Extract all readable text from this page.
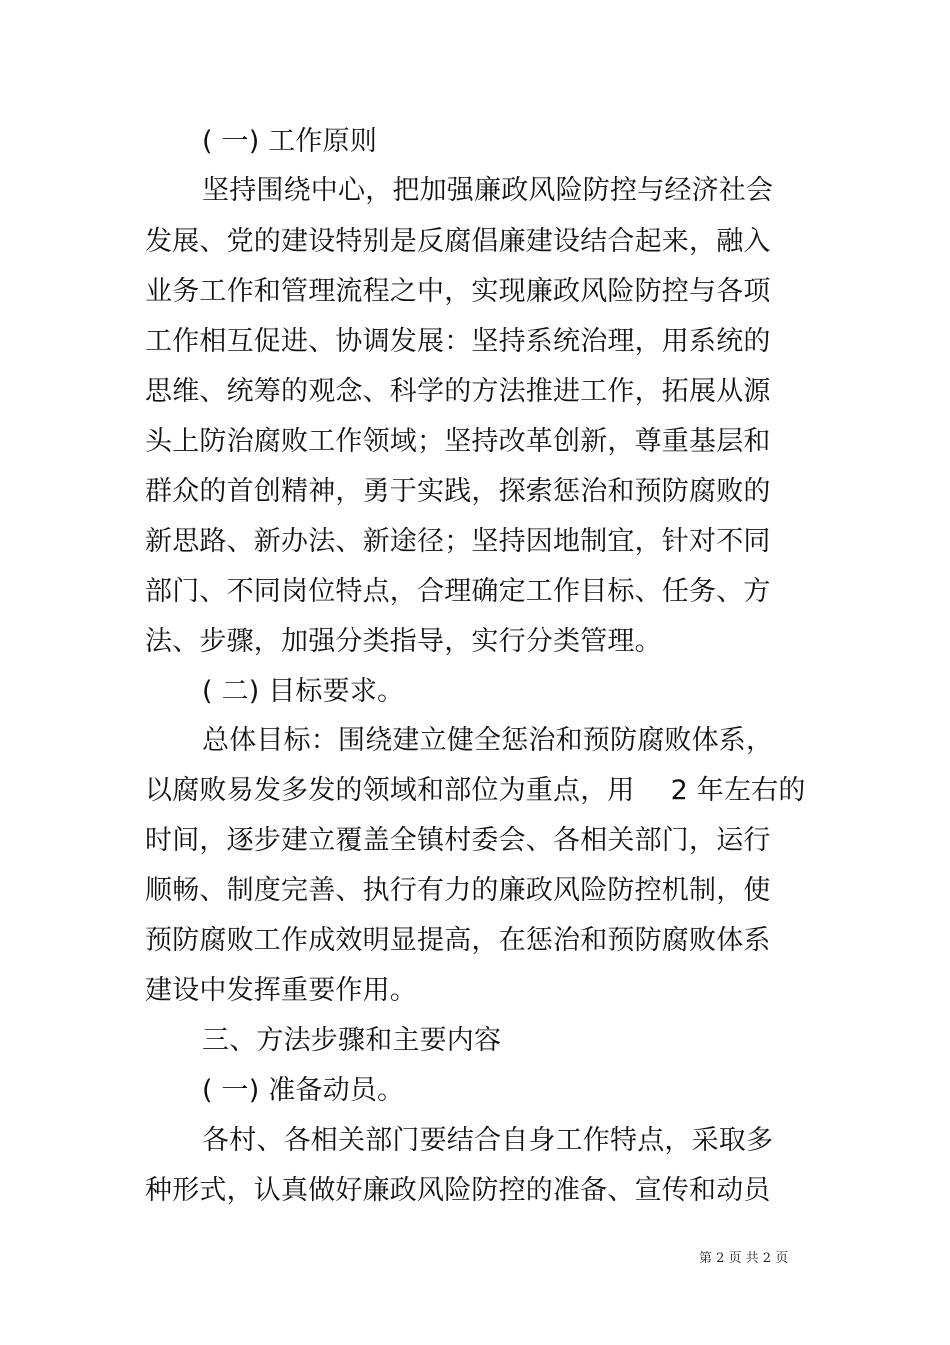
( 一) 工作原则
坚持围绕中心，把加强廉政风险防控与经济社会
发展、党的建设特别是反腐倡廉建设结合起来，融入
业务工作和管理流程之中，实现廉政风险防控与各项
工作相互促进、协调发展：坚持系统治理，用系统的
思维、统筹的观念、科学的方法推进工作，拓展从源
头上防治腐败工作领域；坚持改革创新，尊重基层和
群众的首创精神，勇于实践，探索惩治和预防腐败的
新思路、新办法、新途径；坚持因地制宜，针对不同
部门、不同岗位特点，合理确定工作目标、任务、方
法、步骤，加强分类指导，实行分类管理。
( 二) 目标要求。
总体目标：围绕建立健全惩治和预防腐败体系，
以腐败易发多发的领域和部位为重点，用　 2 年左右的
时间，逐步建立覆盖全镇村委会、各相关部门，运行
顺畅、制度完善、执行有力的廉政风险防控机制，使
预防腐败工作成效明显提高，在惩治和预防腐败体系
建设中发挥重要作用。
三、方法步骤和主要内容
( 一) 准备动员。
各村、各相关部门要结合自身工作特点，采取多
种形式，认真做好廉政风险防控的准备、宣传和动员
第 2 页 共 2 页
